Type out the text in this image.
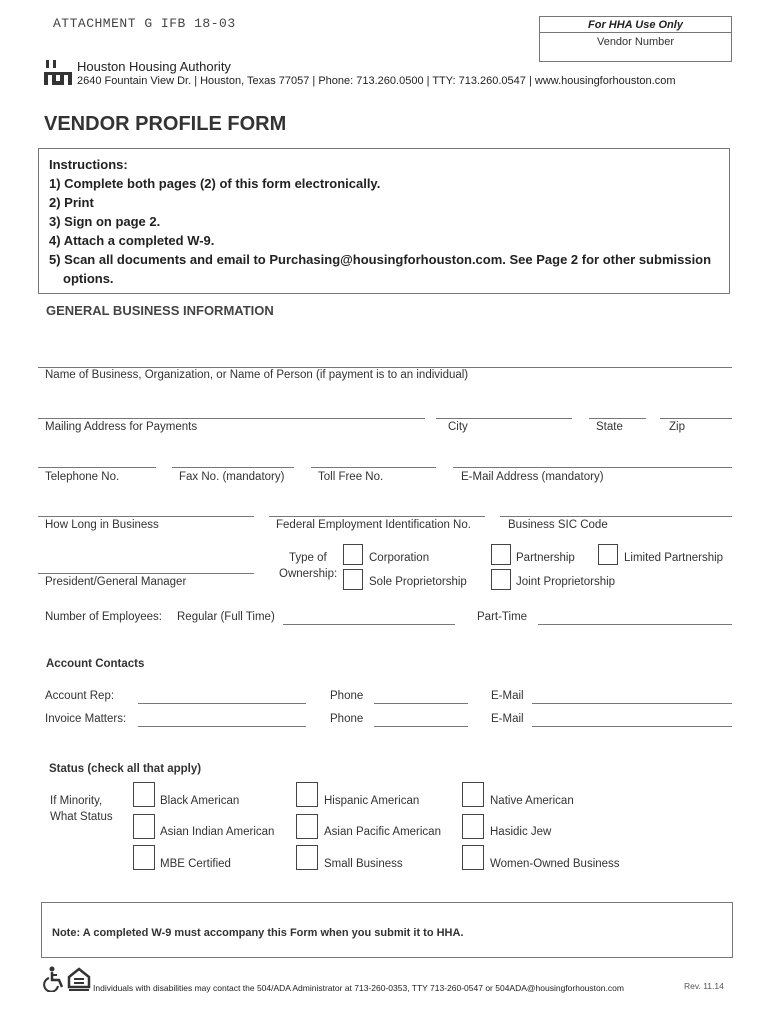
ATTACHMENT G IFB 18-03	For HHA Use Only
Vendor Number
Houston Housing Authority
2640 Fountain View Dr. | Houston, Texas 77057 | Phone: 713.260.0500 | TTY: 713.260.0547 | www.housingforhouston.com
VENDOR PROFILE FORM
Instructions:
1) Complete both pages (2) of this form electronically.
2) Print
3) Sign on page 2.
4) Attach a completed W-9.
5) Scan all documents and email to Purchasing@housingforhouston.com. See Page 2 for other submission
options.
GENERAL BUSINESS INFORMATION
Name of Business, Organization, or Name of Person (if payment is to an individual)
Mailing Address for Payments	City	State	Zip
Telephone No.	Fax No. (mandatory)	Toll Free No.	E-Mail Address (mandatory)
How Long in Business	Federal Employment Identification No.	Business SIC Code
President/General Manager
Type of
Ownership:
Corporation	Partnership	Limited Partnership
Sole Proprietorship	Joint Proprietorship
Number of Employees: Regular (Full Time)	Part-Time
Account Contacts
Account Rep:	Phone	E-Mail
Invoice Matters:	Phone	E-Mail
Status (check all that apply)
If Minority,
What Status
Black American	Hispanic American	Native American
Asian Indian American	Asian Pacific American	Hasidic Jew
MBE Certified	Small Business	Women-Owned Business
Note: A completed W-9 must accompany this Form when you submit it to HHA.
Individuals with disabilities may contact the 504/ADA Administrator at 713-260-0353, TTY 713-260-0547 or 504ADA@housingforhouston.com	Rev. 11.14
